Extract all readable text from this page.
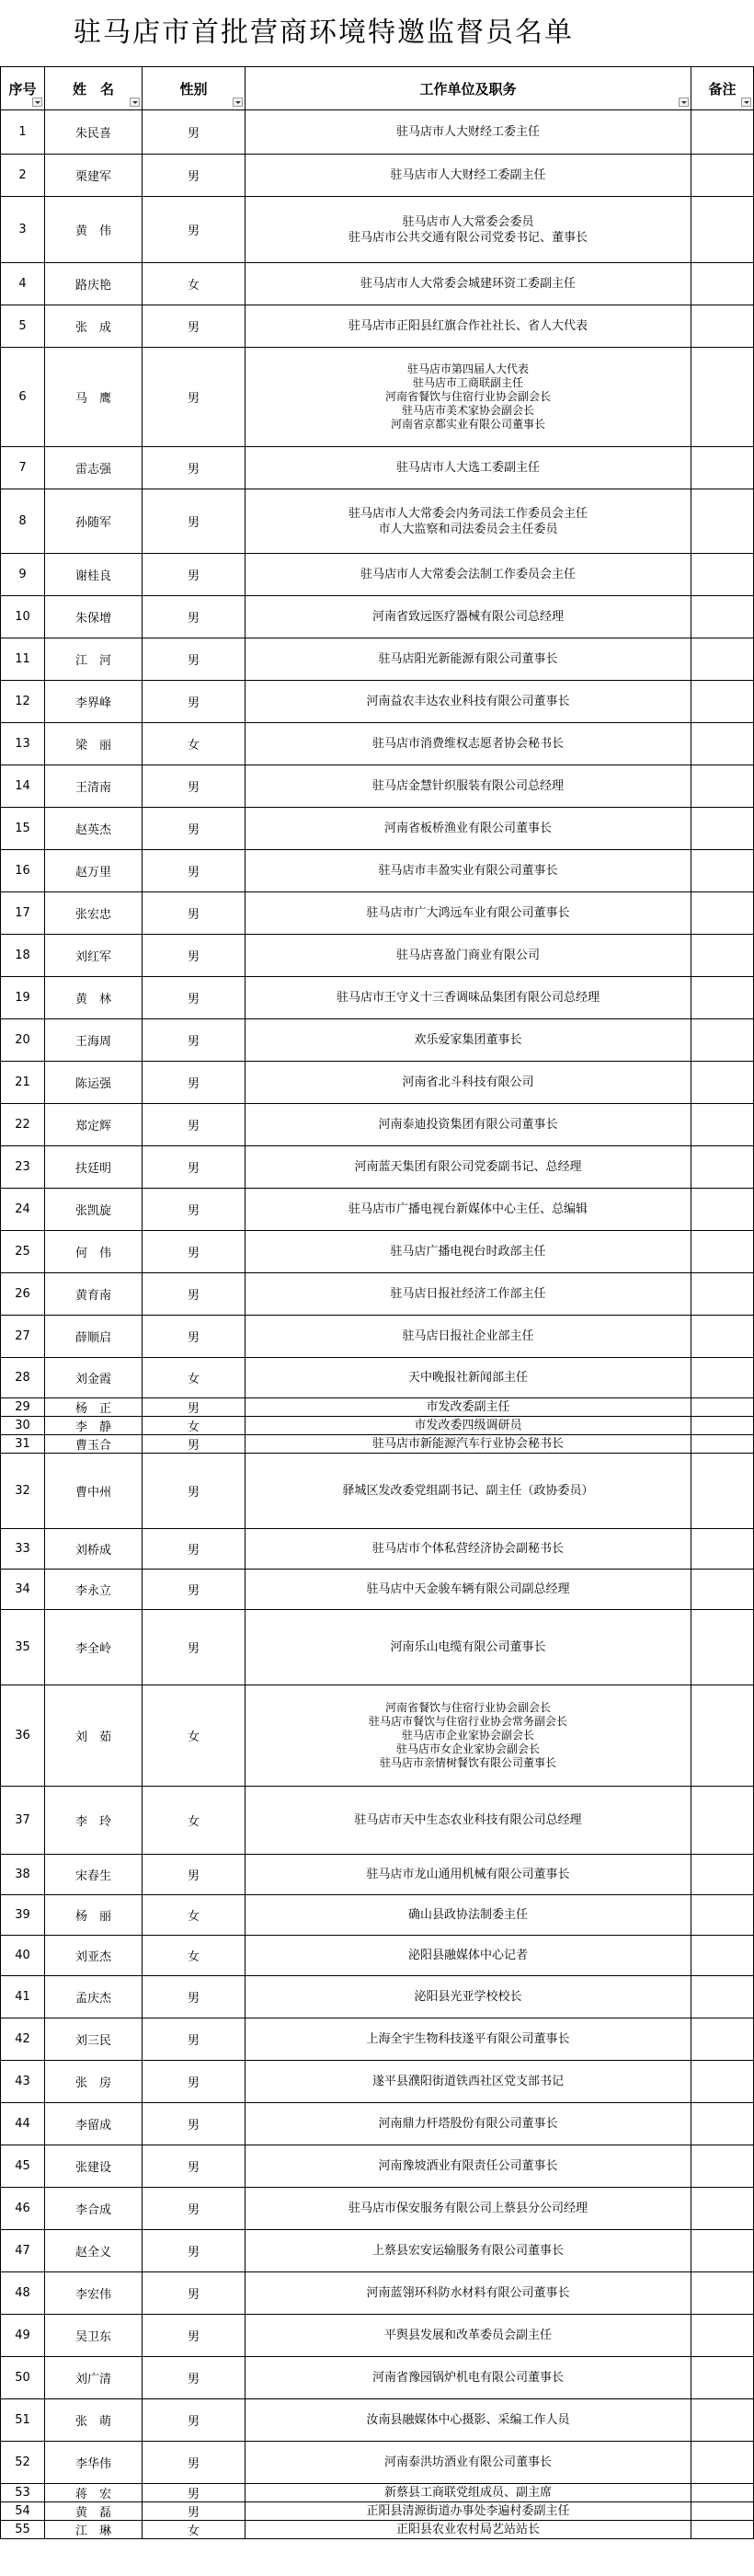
驻马店市首批营商环境特邀监督员名单
序号	姓　名	性别	工作单位及职务	备注

1	朱民喜	男	驻马店市人大财经工委主任	

2	栗建军	男	驻马店市人大财经工委副主任	

3	黄　伟	男	驻马店市人大常委会委员
驻马店市公共交通有限公司党委书记、董事长	

4	路庆艳	女	驻马店市人大常委会城建环资工委副主任	

5	张　成	男	驻马店市正阳县红旗合作社社长、省人大代表	

6	马　鹰	男	驻马店市第四届人大代表
驻马店市工商联副主任
河南省餐饮与住宿行业协会副会长
驻马店市美术家协会副会长
河南省京都实业有限公司董事长	

7	雷志强	男	驻马店市人大选工委副主任	

8	孙随军	男	驻马店市人大常委会内务司法工作委员会主任
市人大监察和司法委员会主任委员	

9	谢桂良	男	驻马店市人大常委会法制工作委员会主任	

10	朱保增	男	河南省致远医疗器械有限公司总经理	

11	江　河	男	驻马店阳光新能源有限公司董事长	

12	李界峰	男	河南益农丰达农业科技有限公司董事长	

13	梁　丽	女	驻马店市消费维权志愿者协会秘书长	

14	王清南	男	驻马店金慧针织服装有限公司总经理	

15	赵英杰	男	河南省板桥渔业有限公司董事长	

16	赵万里	男	驻马店市丰盈实业有限公司董事长	

17	张宏忠	男	驻马店市广大鸿远车业有限公司董事长	

18	刘红军	男	驻马店喜盈门商业有限公司	

19	黄　林	男	驻马店市王守义十三香调味品集团有限公司总经理	

20	王海周	男	欢乐爱家集团董事长	

21	陈运强	男	河南省北斗科技有限公司	

22	郑定辉	男	河南泰迪投资集团有限公司董事长	

23	扶廷明	男	河南蓝天集团有限公司党委副书记、总经理	

24	张凯旋	男	驻马店市广播电视台新媒体中心主任、总编辑	

25	何　伟	男	驻马店广播电视台时政部主任	

26	黄育南	男	驻马店日报社经济工作部主任	

27	薛顺启	男	驻马店日报社企业部主任	

28	刘金霞	女	天中晚报社新闻部主任	

29	杨　正	男	市发改委副主任	

30	李　静	女	市发改委四级调研员	

31	曹玉合	男	驻马店市新能源汽车行业协会秘书长	

32	曹中州	男	驿城区发改委党组副书记、副主任（政协委员）	

33	刘桥成	男	驻马店市个体私营经济协会副秘书长	

34	李永立	男	驻马店中天金骏车辆有限公司副总经理	

35	李全岭	男	河南乐山电缆有限公司董事长	

36	刘　茹	女	河南省餐饮与住宿行业协会副会长
驻马店市餐饮与住宿行业协会常务副会长
驻马店市企业家协会副会长
驻马店市女企业家协会副会长
驻马店市亲情树餐饮有限公司董事长	

37	李　玲	女	驻马店市天中生态农业科技有限公司总经理	

38	宋春生	男	驻马店市龙山通用机械有限公司董事长	

39	杨　丽	女	确山县政协法制委主任	

40	刘亚杰	女	泌阳县融媒体中心记者	

41	孟庆杰	男	泌阳县光亚学校校长	

42	刘三民	男	上海全宇生物科技遂平有限公司董事长	

43	张　房	男	遂平县濮阳街道铁西社区党支部书记	

44	李留成	男	河南鼎力杆塔股份有限公司董事长	

45	张建设	男	河南豫坡酒业有限责任公司董事长	

46	李合成	男	驻马店市保安服务有限公司上蔡县分公司经理	

47	赵全义	男	上蔡县宏安运输服务有限公司董事长	

48	李宏伟	男	河南蓝翎环科防水材料有限公司董事长	

49	吴卫东	男	平舆县发展和改革委员会副主任	

50	刘广清	男	河南省豫园锅炉机电有限公司董事长	

51	张　萌	男	汝南县融媒体中心摄影、采编工作人员	

52	李华伟	男	河南泰洪坊酒业有限公司董事长	

53	蒋　宏	男	新蔡县工商联党组成员、副主席	

54	黄　磊	男	正阳县清源街道办事处李遍村委副主任	

55	江　琳	女	正阳县农业农村局艺站站长	
